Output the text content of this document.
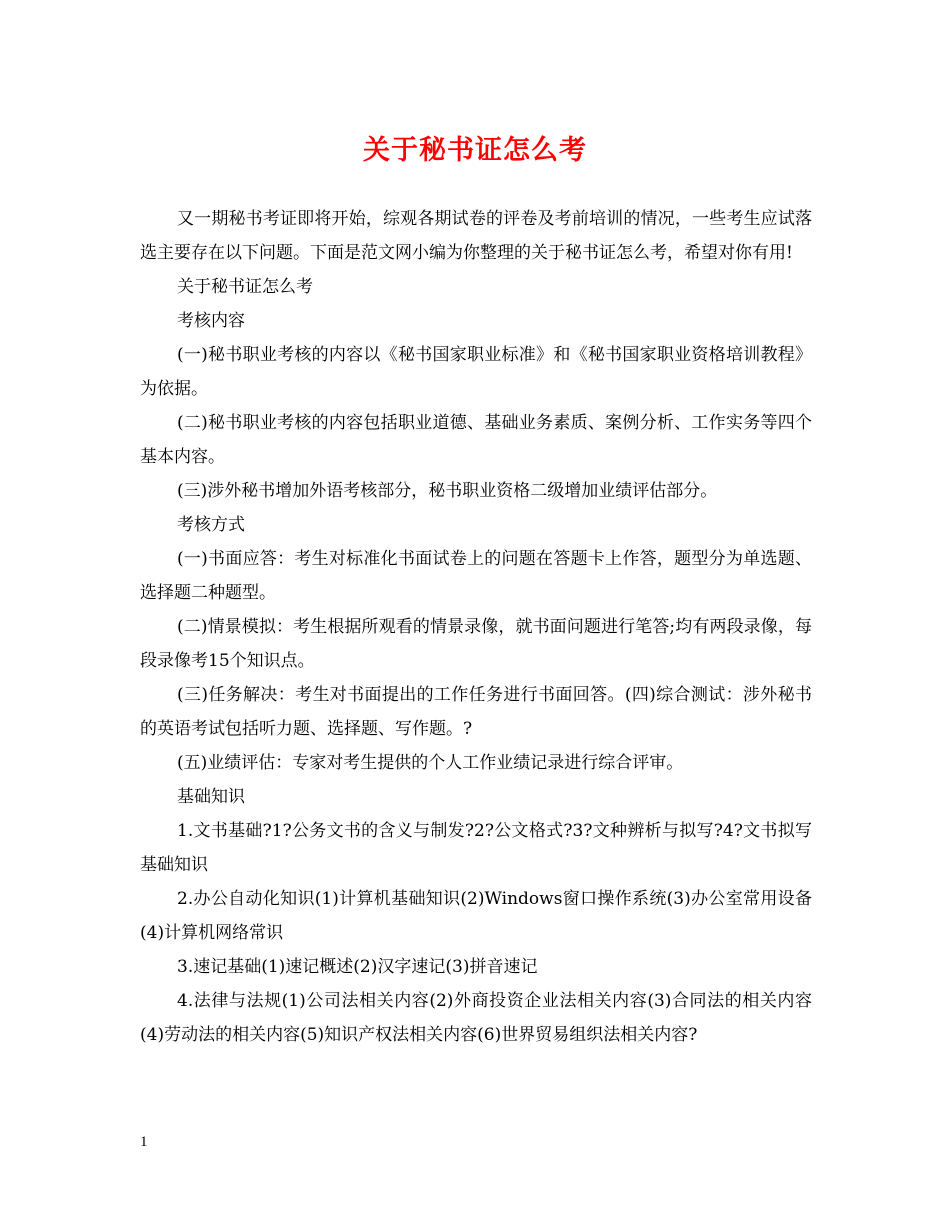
关于秘书证怎么考

又一期秘书考证即将开始，综观各期试卷的评卷及考前培训的情况，一些考生应试落选主要存在以下问题。下面是范文网小编为你整理的关于秘书证怎么考，希望对你有用!

关于秘书证怎么考

考核内容

(一)秘书职业考核的内容以《秘书国家职业标准》和《秘书国家职业资格培训教程》为依据。

(二)秘书职业考核的内容包括职业道德、基础业务素质、案例分析、工作实务等四个基本内容。

(三)涉外秘书增加外语考核部分，秘书职业资格二级增加业绩评估部分。

考核方式

(一)书面应答：考生对标准化书面试卷上的问题在答题卡上作答，题型分为单选题、选择题二种题型。

(二)情景模拟：考生根据所观看的情景录像，就书面问题进行笔答;均有两段录像，每段录像考15个知识点。

(三)任务解决：考生对书面提出的工作任务进行书面回答。(四)综合测试：涉外秘书的英语考试包括听力题、选择题、写作题。?

(五)业绩评估：专家对考生提供的个人工作业绩记录进行综合评审。

基础知识

1.文书基础?1?公务文书的含义与制发?2?公文格式?3?文种辨析与拟写?4?文书拟写基础知识

2.办公自动化知识(1)计算机基础知识(2)Windows窗口操作系统(3)办公室常用设备(4)计算机网络常识

3.速记基础(1)速记概述(2)汉字速记(3)拼音速记

4.法律与法规(1)公司法相关内容(2)外商投资企业法相关内容(3)合同法的相关内容(4)劳动法的相关内容(5)知识产权法相关内容(6)世界贸易组织法相关内容?

1
